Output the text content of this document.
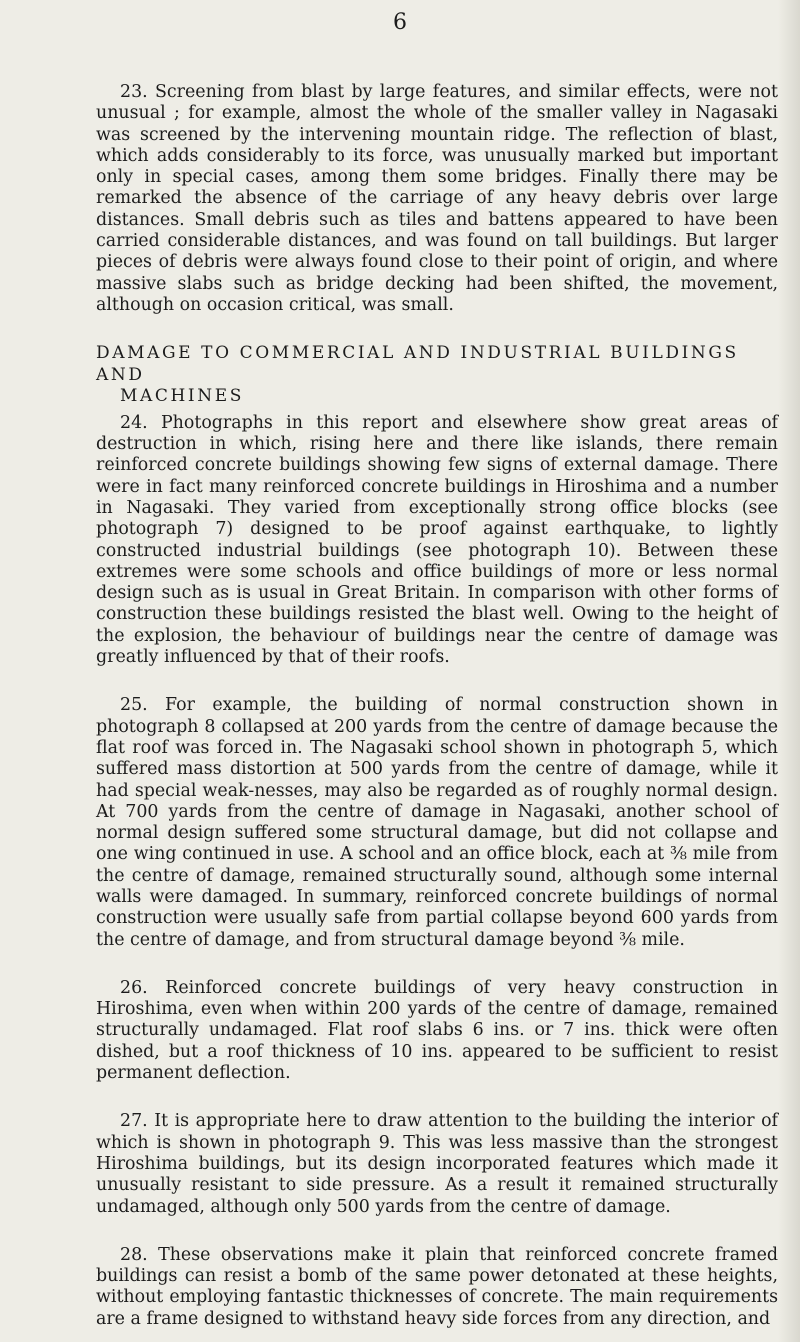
6

23. Screening from blast by large features, and similar effects, were not unusual ; for example, almost the whole of the smaller valley in Nagasaki was screened by the intervening mountain ridge. The reflection of blast, which adds considerably to its force, was unusually marked but important only in special cases, among them some bridges. Finally there may be remarked the absence of the carriage of any heavy debris over large distances. Small debris such as tiles and battens appeared to have been carried considerable distances, and was found on tall buildings. But larger pieces of debris were always found close to their point of origin, and where massive slabs such as bridge decking had been shifted, the movement, although on occasion critical, was small.

DAMAGE TO COMMERCIAL AND INDUSTRIAL BUILDINGS AND
MACHINES

24. Photographs in this report and elsewhere show great areas of destruction in which, rising here and there like islands, there remain reinforced concrete buildings showing few signs of external damage. There were in fact many reinforced concrete buildings in Hiroshima and a number in Nagasaki. They varied from exceptionally strong office blocks (see photograph 7) designed to be proof against earthquake, to lightly constructed industrial buildings (see photograph 10). Between these extremes were some schools and office buildings of more or less normal design such as is usual in Great Britain. In comparison with other forms of construction these buildings resisted the blast well. Owing to the height of the explosion, the behaviour of buildings near the centre of damage was greatly influenced by that of their roofs.

25. For example, the building of normal construction shown in photograph 8 collapsed at 200 yards from the centre of damage because the flat roof was forced in. The Nagasaki school shown in photograph 5, which suffered mass distortion at 500 yards from the centre of damage, while it had special weak-nesses, may also be regarded as of roughly normal design. At 700 yards from the centre of damage in Nagasaki, another school of normal design suffered some structural damage, but did not collapse and one wing continued in use. A school and an office block, each at ⅜ mile from the centre of damage, remained structurally sound, although some internal walls were damaged. In summary, reinforced concrete buildings of normal construction were usually safe from partial collapse beyond 600 yards from the centre of damage, and from structural damage beyond ⅜ mile.

26. Reinforced concrete buildings of very heavy construction in Hiroshima, even when within 200 yards of the centre of damage, remained structurally undamaged. Flat roof slabs 6 ins. or 7 ins. thick were often dished, but a roof thickness of 10 ins. appeared to be sufficient to resist permanent deflection.

27. It is appropriate here to draw attention to the building the interior of which is shown in photograph 9. This was less massive than the strongest Hiroshima buildings, but its design incorporated features which made it unusually resistant to side pressure. As a result it remained structurally undamaged, although only 500 yards from the centre of damage.

28. These observations make it plain that reinforced concrete framed buildings can resist a bomb of the same power detonated at these heights, without employing fantastic thicknesses of concrete. The main requirements are a frame designed to withstand heavy side forces from any direction, and
